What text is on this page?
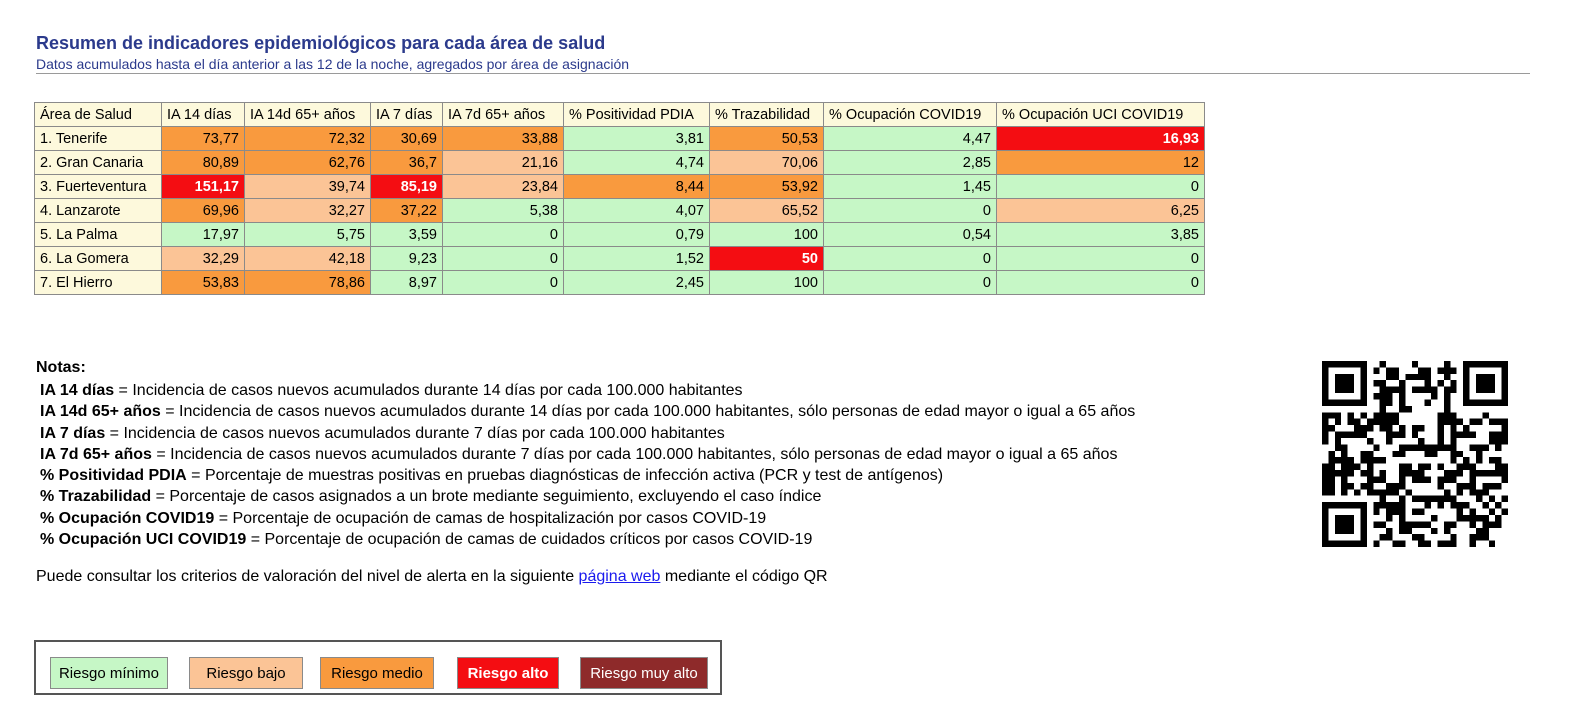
Resumen de indicadores epidemiológicos para cada área de salud

Datos acumulados hasta el día anterior a las 12 de la noche, agregados por área de asignación

Área de Salud	IA 14 días	IA 14d 65+ años	IA 7 días	IA 7d 65+ años	% Positividad PDIA	% Trazabilidad	% Ocupación COVID19	% Ocupación UCI COVID19
1. Tenerife	73,77	72,32	30,69	33,88	3,81	50,53	4,47	16,93
2. Gran Canaria	80,89	62,76	36,7	21,16	4,74	70,06	2,85	12
3. Fuerteventura	151,17	39,74	85,19	23,84	8,44	53,92	1,45	0
4. Lanzarote	69,96	32,27	37,22	5,38	4,07	65,52	0	6,25
5. La Palma	17,97	5,75	3,59	0	0,79	100	0,54	3,85
6. La Gomera	32,29	42,18	9,23	0	1,52	50	0	0
7. El Hierro	53,83	78,86	8,97	0	2,45	100	0	0
Notas:
IA 14 días = Incidencia de casos nuevos acumulados durante 14 días por cada 100.000 habitantes
IA 14d 65+ años = Incidencia de casos nuevos acumulados durante 14 días por cada 100.000 habitantes, sólo personas de edad mayor o igual a 65 años
IA 7 días = Incidencia de casos nuevos acumulados durante 7 días por cada 100.000 habitantes
IA 7d 65+ años = Incidencia de casos nuevos acumulados durante 7 días por cada 100.000 habitantes, sólo personas de edad mayor o igual a 65 años
% Positividad PDIA = Porcentaje de muestras positivas en pruebas diagnósticas de infección activa (PCR y test de antígenos)
% Trazabilidad = Porcentaje de casos asignados a un brote mediante seguimiento, excluyendo el caso índice
% Ocupación COVID19 = Porcentaje de ocupación de camas de hospitalización por casos COVID-19
% Ocupación UCI COVID19 = Porcentaje de ocupación de camas de cuidados críticos por casos COVID-19
Puede consultar los criterios de valoración del nivel de alerta en la siguiente página web mediante el código QR
Riesgo mínimo	Riesgo bajo	Riesgo medio	Riesgo alto	Riesgo muy alto
